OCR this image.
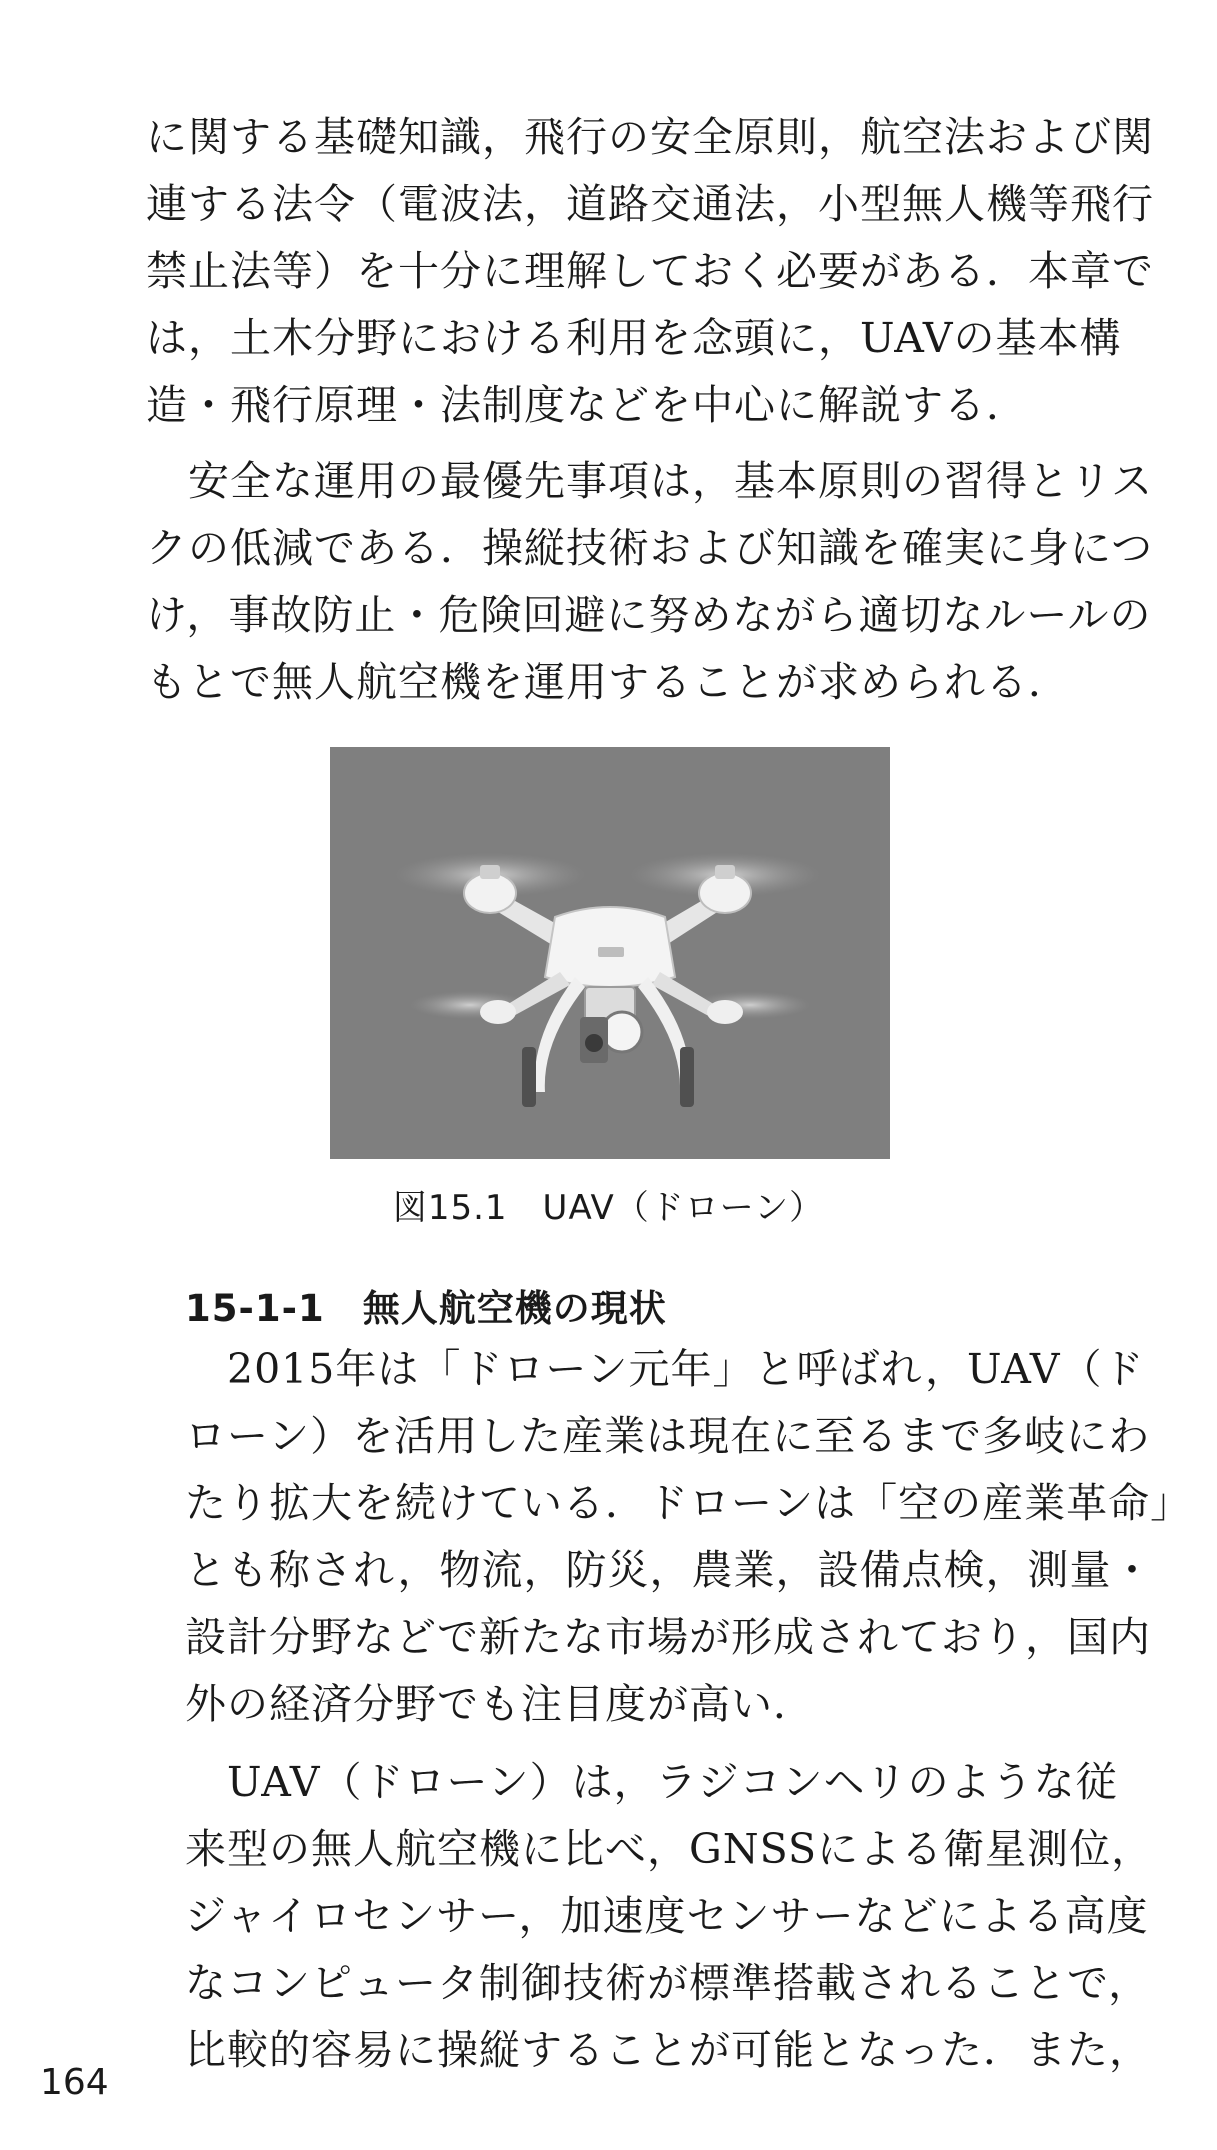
に関する基礎知識，飛行の安全原則，航空法および関
連する法令（電波法，道路交通法，小型無人機等飛行
禁止法等）を十分に理解しておく必要がある．本章で
は，土木分野における利用を念頭に，UAVの基本構
造・飛行原理・法制度などを中心に解説する．
　安全な運用の最優先事項は，基本原則の習得とリス
クの低減である．操縦技術および知識を確実に身につ
け，事故防止・危険回避に努めながら適切なルールの
もとで無人航空機を運用することが求められる．
図15.1　UAV（ドローン）
15-1-1　無人航空機の現状
　2015年は「ドローン元年」と呼ばれ，UAV（ド
ローン）を活用した産業は現在に至るまで多岐にわ
たり拡大を続けている．ドローンは「空の産業革命」
とも称され，物流，防災，農業，設備点検，測量・
設計分野などで新たな市場が形成されており，国内
外の経済分野でも注目度が高い．
　UAV（ドローン）は，ラジコンヘリのような従
来型の無人航空機に比べ，GNSSによる衛星測位，
ジャイロセンサー，加速度センサーなどによる高度
なコンピュータ制御技術が標準搭載されることで，
比較的容易に操縦することが可能となった．また，
164
